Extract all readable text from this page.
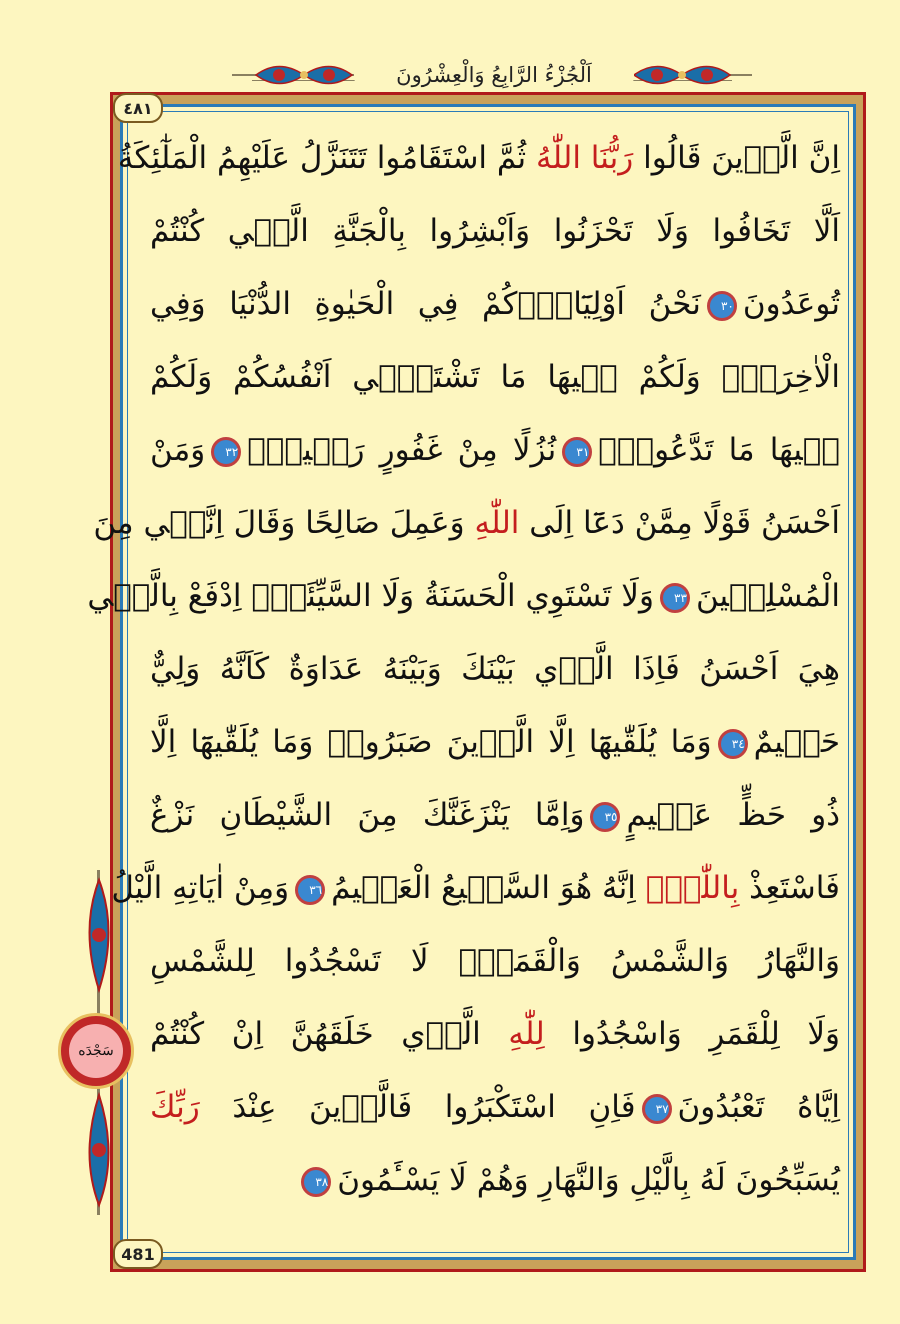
اَلْجُزْءُ الرَّابِعُ وَالْعِشْرُونَ
٤٨١
481
سَجْدَه
اِنَّ الَّذ۪ينَ قَالُوا رَبُّنَا اللّٰهُ ثُمَّ اسْتَقَامُوا تَتَنَزَّلُ عَلَيْهِمُ الْمَلٰٓئِكَةُ
اَلَّا تَخَافُوا وَلَا تَحْزَنُوا وَاَبْشِرُوا بِالْجَنَّةِ الَّت۪ي كُنْتُمْ
تُوعَدُونَ٣٠نَحْنُ اَوْلِيَٓاؤُ۬كُمْ فِي الْحَيٰوةِ الدُّنْيَا وَفِي
الْاٰخِرَةِۚ وَلَكُمْ ف۪يهَا مَا تَشْتَه۪ٓي اَنْفُسُكُمْ وَلَكُمْ
ف۪يهَا مَا تَدَّعُونَۜ٣١نُزُلًا مِنْ غَفُورٍ رَح۪يمٍ۟٣٢وَمَنْ
اَحْسَنُ قَوْلًا مِمَّنْ دَعَٓا اِلَى اللّٰهِ وَعَمِلَ صَالِحًا وَقَالَ اِنَّن۪ي مِنَ
الْمُسْلِم۪ينَ٣٣وَلَا تَسْتَوِي الْحَسَنَةُ وَلَا السَّيِّئَةُۜ اِدْفَعْ بِالَّت۪ي
هِيَ اَحْسَنُ فَاِذَا الَّذ۪ي بَيْنَكَ وَبَيْنَهُ عَدَاوَةٌ كَاَنَّهُ وَلِيٌّ
حَم۪يمٌ٣٤وَمَا يُلَقّٰيهَٓا اِلَّا الَّذ۪ينَ صَبَرُواۚ وَمَا يُلَقّٰيهَٓا اِلَّا
ذُو حَظٍّ عَظ۪يمٍ٣٥وَاِمَّا يَنْزَغَنَّكَ مِنَ الشَّيْطَانِ نَزْغٌ
فَاسْتَعِذْ بِاللّٰهِۜ اِنَّهُ هُوَ السَّم۪يعُ الْعَل۪يمُ٣٦وَمِنْ اٰيَاتِهِ الَّيْلُ
وَالنَّهَارُ وَالشَّمْسُ وَالْقَمَرُۜ لَا تَسْجُدُوا لِلشَّمْسِ
وَلَا لِلْقَمَرِ وَاسْجُدُوا لِلّٰهِ الَّذ۪ي خَلَقَهُنَّ اِنْ كُنْتُمْ
اِيَّاهُ تَعْبُدُونَ٣٧فَاِنِ اسْتَكْبَرُوا فَالَّذ۪ينَ عِنْدَ رَبِّكَ
يُسَبِّحُونَ لَهُ بِالَّيْلِ وَالنَّهَارِ وَهُمْ لَا يَسْـَٔمُونَ٣٨
